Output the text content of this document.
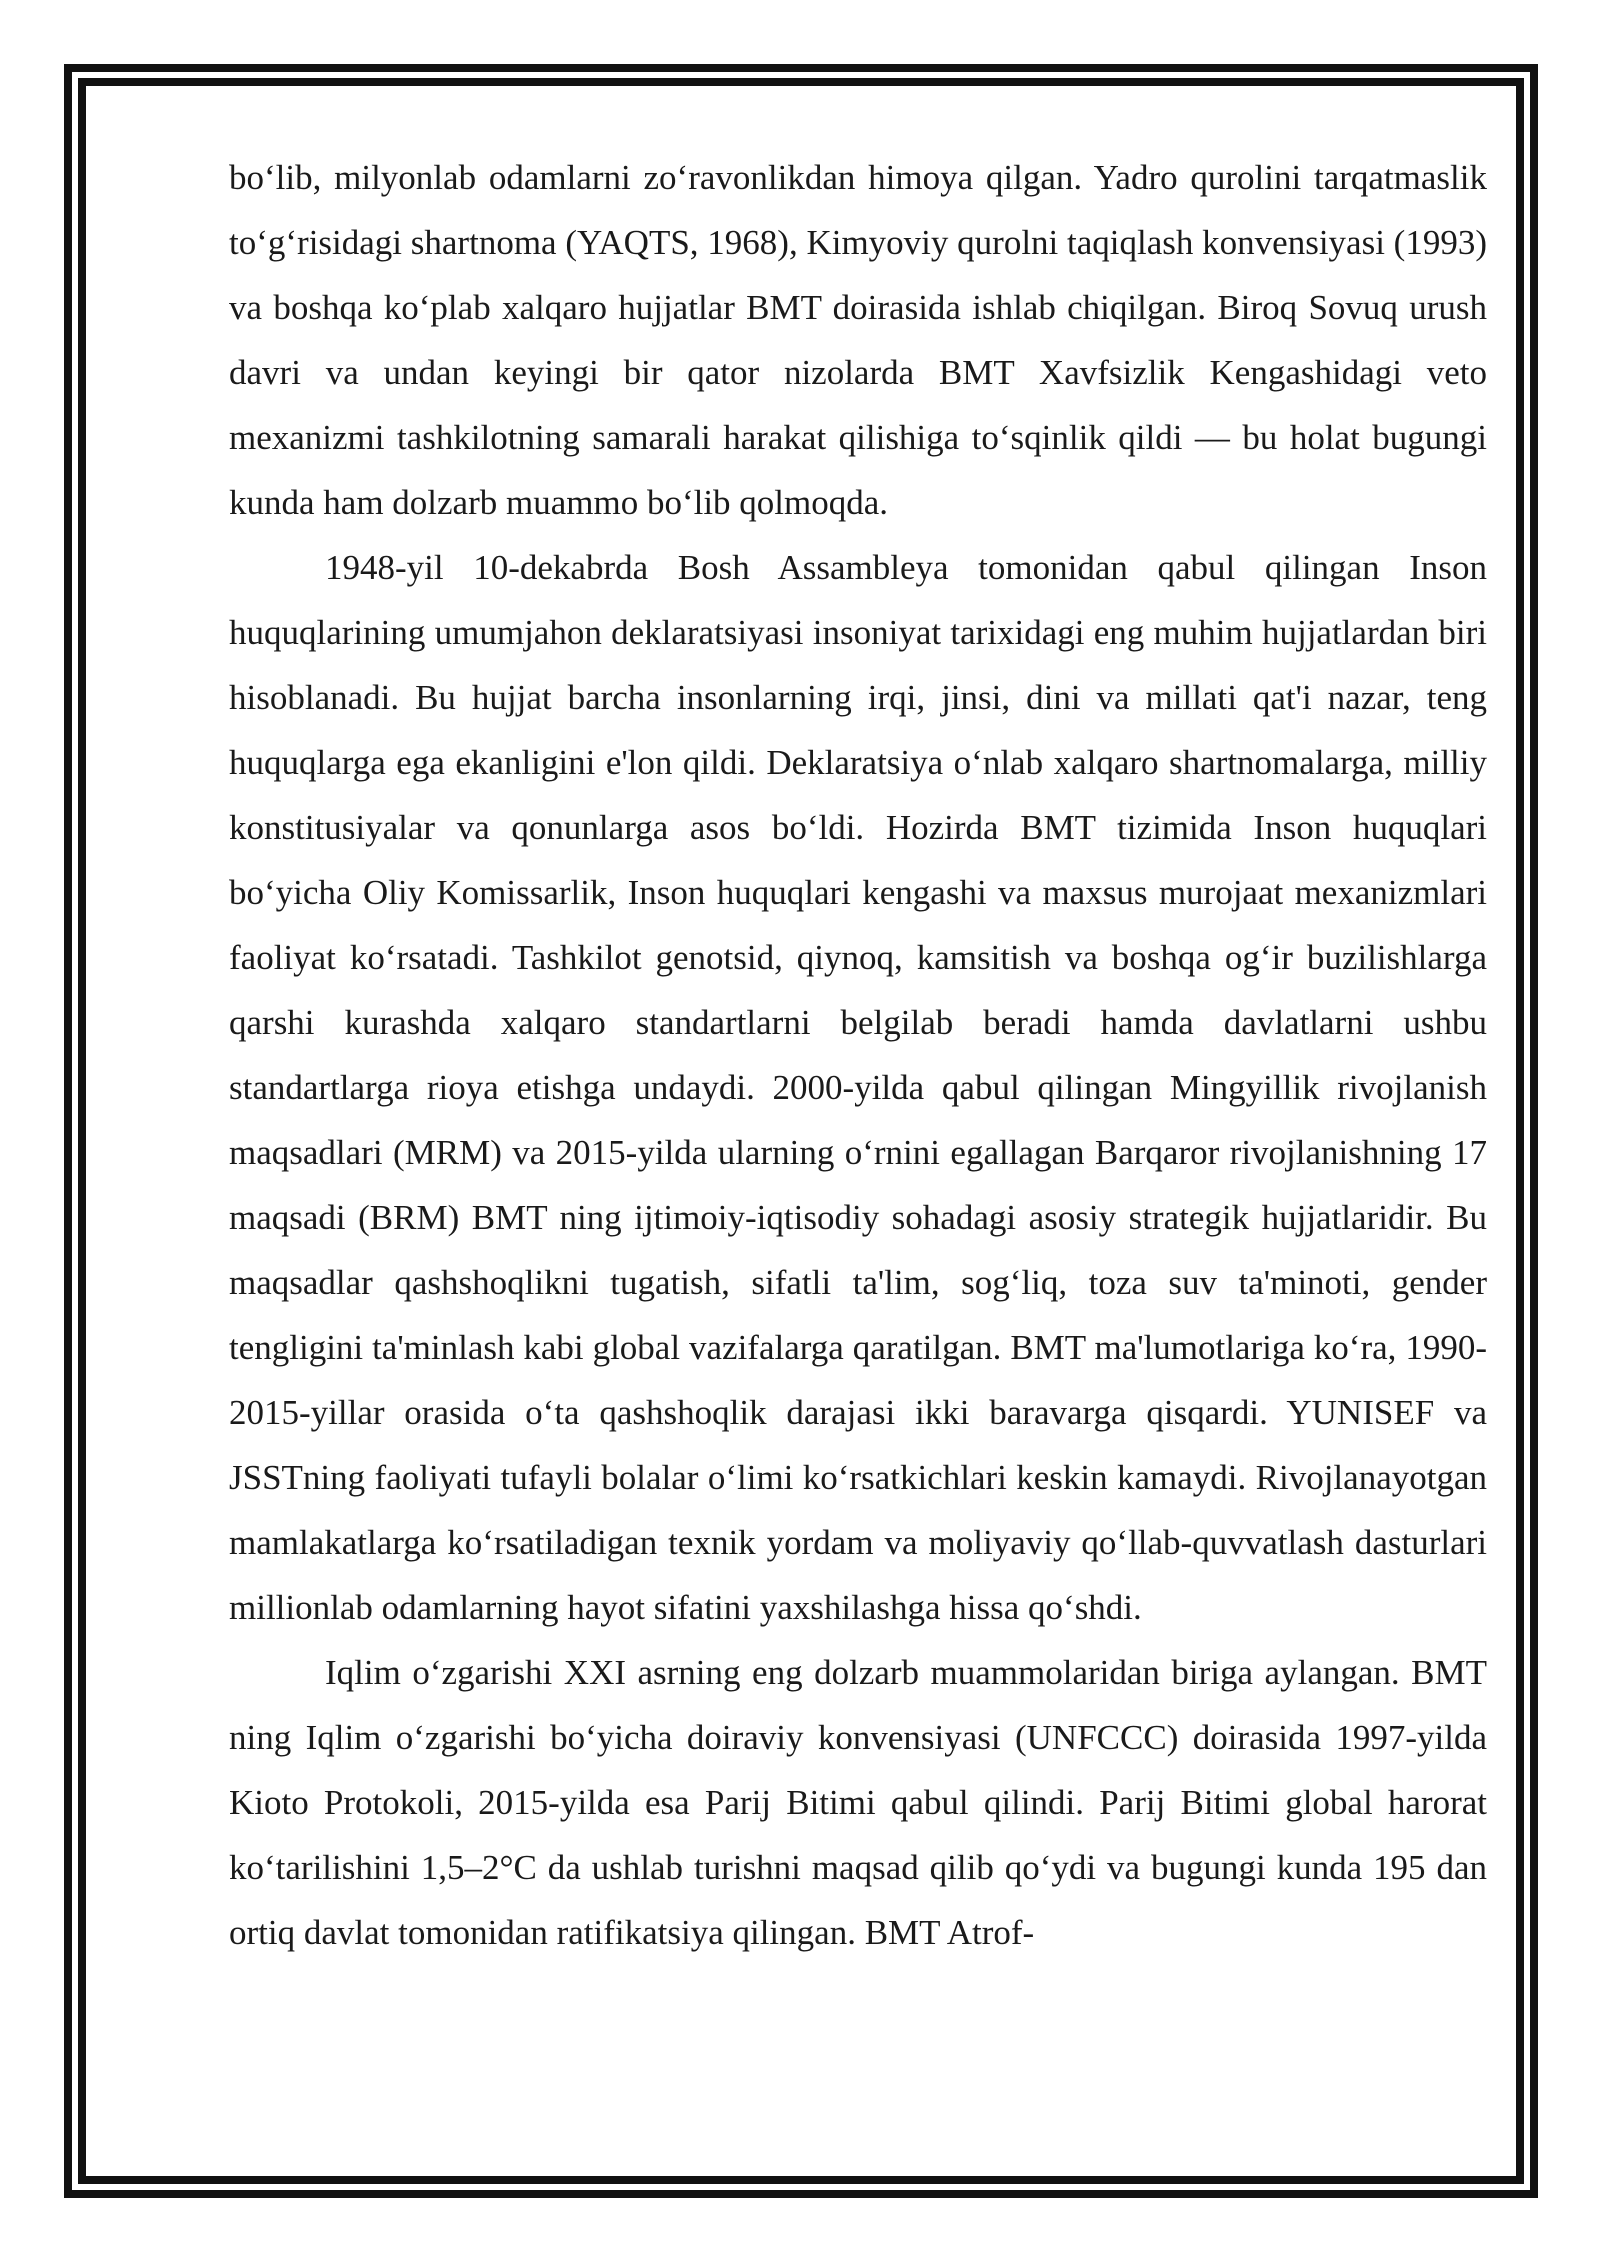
bo‘lib, milyonlab odamlarni zo‘ravonlikdan himoya qilgan. Yadro qurolini tarqatmaslik to‘g‘risidagi shartnoma (YAQTS, 1968), Kimyoviy qurolni taqiqlash konvensiyasi (1993) va boshqa ko‘plab xalqaro hujjatlar BMT doirasida ishlab chiqilgan. Biroq Sovuq urush davri va undan keyingi bir qator nizolarda BMT Xavfsizlik Kengashidagi veto mexanizmi tashkilotning samarali harakat qilishiga to‘sqinlik qildi — bu holat bugungi kunda ham dolzarb muammo bo‘lib qolmoqda.

1948-yil 10-dekabrda Bosh Assambleya tomonidan qabul qilingan Inson huquqlarining umumjahon deklaratsiyasi insoniyat tarixidagi eng muhim hujjatlardan biri hisoblanadi. Bu hujjat barcha insonlarning irqi, jinsi, dini va millati qat'i nazar, teng huquqlarga ega ekanligini e'lon qildi. Deklaratsiya o‘nlab xalqaro shartnomalarga, milliy konstitusiyalar va qonunlarga asos bo‘ldi. Hozirda BMT tizimida Inson huquqlari bo‘yicha Oliy Komissarlik, Inson huquqlari kengashi va maxsus murojaat mexanizmlari faoliyat ko‘rsatadi. Tashkilot genotsid, qiynoq, kamsitish va boshqa og‘ir buzilishlarga qarshi kurashda xalqaro standartlarni belgilab beradi hamda davlatlarni ushbu standartlarga rioya etishga undaydi. 2000-yilda qabul qilingan Mingyillik rivojlanish maqsadlari (MRM) va 2015-yilda ularning o‘rnini egallagan Barqaror rivojlanishning 17 maqsadi (BRM) BMT ning ijtimoiy-iqtisodiy sohadagi asosiy strategik hujjatlaridir. Bu maqsadlar qashshoqlikni tugatish, sifatli ta'lim, sog‘liq, toza suv ta'minoti, gender tengligini ta'minlash kabi global vazifalarga qaratilgan. BMT ma'lumotlariga ko‘ra, 1990-2015-yillar orasida o‘ta qashshoqlik darajasi ikki baravarga qisqardi. YUNISEF va JSSTning faoliyati tufayli bolalar o‘limi ko‘rsatkichlari keskin kamaydi. Rivojlanayotgan mamlakatlarga ko‘rsatiladigan texnik yordam va moliyaviy qo‘llab-quvvatlash dasturlari millionlab odamlarning hayot sifatini yaxshilashga hissa qo‘shdi.

Iqlim o‘zgarishi XXI asrning eng dolzarb muammolaridan biriga aylangan. BMT ning Iqlim o‘zgarishi bo‘yicha doiraviy konvensiyasi (UNFCCC) doirasida 1997-yilda Kioto Protokoli, 2015-yilda esa Parij Bitimi qabul qilindi. Parij Bitimi global harorat ko‘tarilishini 1,5–2°C da ushlab turishni maqsad qilib qo‘ydi va bugungi kunda 195 dan ortiq davlat tomonidan ratifikatsiya qilingan. BMT Atrof-
